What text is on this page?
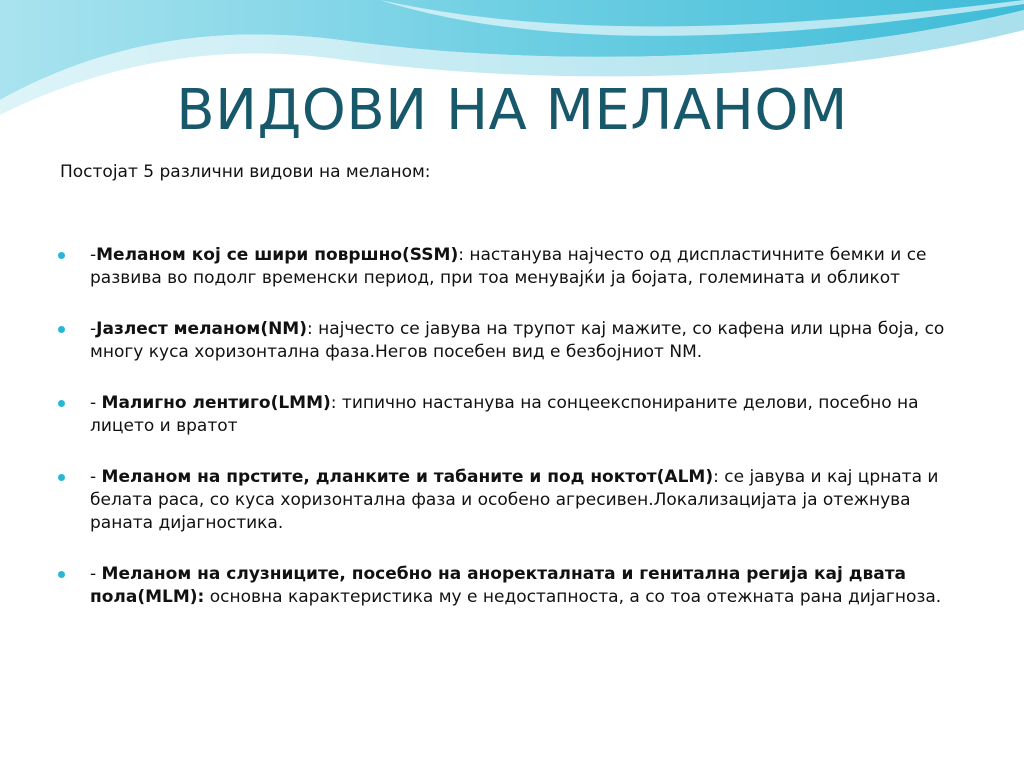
ВИДОВИ НА МЕЛАНОМ
Постојат 5 различни видови на меланом:
-Меланом кој се шири површно(SSM): настанува најчесто од диспластичните бемки и се развива во подолг временски период, при тоа менувајќи ја бојата, големината и обликот
-Јазлест меланом(NM): најчесто се јавува на трупот кај мажите, со кафена или црна боја, со многу куса хоризонтална фаза.Негов посебен вид е безбојниот NM.
- Малигно лентиго(LMM): типично настанува на сонцеекспонираните делови, посебно на лицето и вратот
- Меланом на прстите, дланките и табаните и под ноктот(ALM): се јавува и кај црната и белата раса, со куса хоризонтална фаза и особено агресивен.Локализацијата ја отежнува раната дијагностика.
- Меланом на слузниците, посебно на аноректалната и генитална регија кај двата пола(MLM): основна карактеристика му е недостапноста, а со тоа отежната рана дијагноза.
